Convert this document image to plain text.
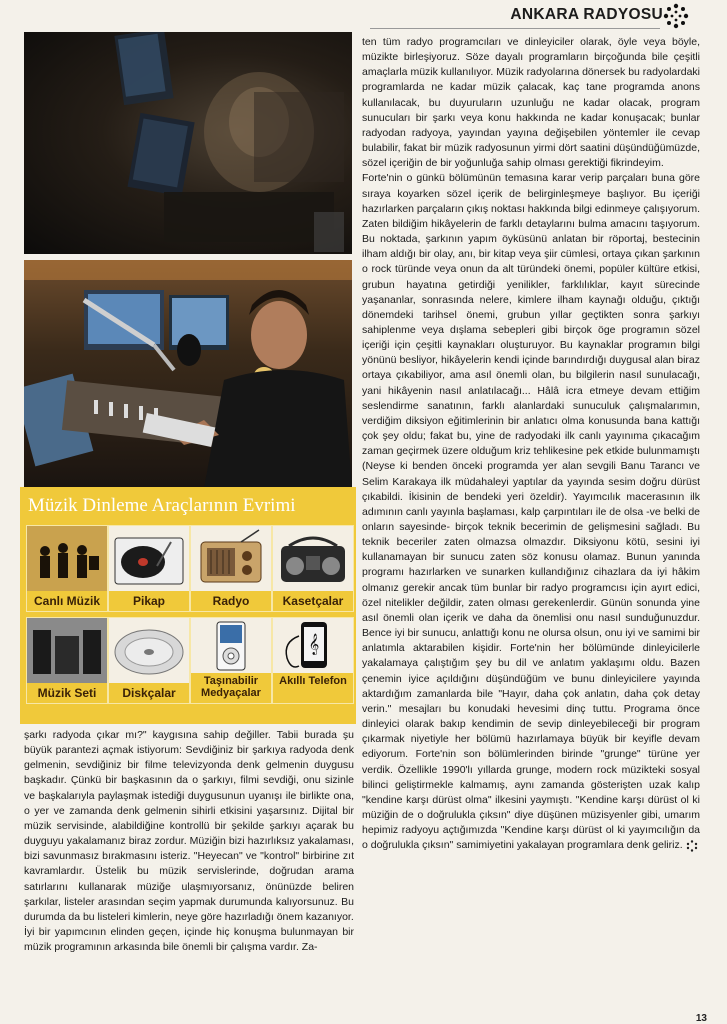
ANKARA RADYOSU
Müzik Dinleme Araçlarının Evrimi
Canlı Müzik	Pikap	Radyo	Kasetçalar
Müzik Seti	Diskçalar
Taşınabilir Medyaçalar
𝄞
Akıllı Telefon

ten tüm radyo programcıları ve dinleyiciler olarak, öyle veya böyle, müzikte birleşiyoruz. Söze dayalı programların birçoğunda bile çeşitli amaçlarla müzik kullanılıyor. Müzik radyolarına dönersek bu radyolardaki programlarda ne kadar müzik çalacak, kaç tane programda anons kullanılacak, bu duyuruların uzunluğu ne kadar olacak, program sunucuları bir şarkı veya konu hakkında ne kadar konuşacak; bunlar radyodan radyoya, yayından yayına değişebilen yöntemler ile cevap bulabilir, fakat bir müzik radyosunun yirmi dört saatini düşündüğümüzde, sözel içeriğin de bir yoğunluğa sahip olması gerektiği fikrindeyim.

Forte'nin o günkü bölümünün temasına karar verip parçaları buna göre sıraya koyarken sözel içerik de belirginleşmeye başlıyor. Bu içeriği hazırlarken parçaların çıkış noktası hakkında bilgi edinmeye çalışıyorum. Zaten bildiğim hikâyelerin de farklı detaylarını bulma amacını taşıyorum. Bu noktada, şarkının yapım öyküsünü anlatan bir röportaj, bestecinin ilham aldığı bir olay, anı, bir kitap veya şiir cümlesi, ortaya çıkan şarkının o rock türünde veya onun da alt türündeki önemi, popüler kültüre etkisi, grubun hayatına getirdiği yenilikler, farklılıklar, kayıt sürecinde yaşananlar, sonrasında nelere, kimlere ilham kaynağı olduğu, çıktığı dönemdeki tarihsel önemi, grubun yıllar geçtikten sonra şarkıyı sahiplenme veya dışlama sebepleri gibi birçok öge programın sözel içeriği için çeşitli kaynakları oluşturuyor. Bu kaynaklar programın bilgi yönünü besliyor, hikâyelerin kendi içinde barındırdığı duygusal alan biraz ortaya çıkabiliyor, ama asıl önemli olan, bu bilgilerin nasıl sunulacağı, yani hikâyenin nasıl anlatılacağı... Hâlâ icra etmeye devam ettiğim seslendirme sanatının, farklı alanlardaki sunuculuk çalışmalarımın, verdiğim diksiyon eğitimlerinin bir anlatıcı olma konusunda bana kattığı çok şey oldu; fakat bu, yine de radyodaki ilk canlı yayınıma çıkacağım zaman geçirmek üzere olduğum kriz tehlikesine pek etkide bulunmamıştı (Neyse ki benden önceki programda yer alan sevgili Banu Tarancı ve Selim Karakaya ilk müdahaleyi yaptılar da yayında sesim doğru dürüst çıkabildi. İkisinin de bendeki yeri özeldir). Yayımcılık macerasının ilk adımının canlı yayınla başlaması, kalp çarpıntıları ile de olsa -ve belki de onların sayesinde- birçok teknik becerimin de gelişmesini sağladı. Bu teknik beceriler zaten olmazsa olmazdır. Diksiyonu kötü, sesini iyi kullanamayan bir sunucu zaten söz konusu olamaz. Bunun yanında programı hazırlarken ve sunarken kullandığınız cihazlara da iyi hâkim olmanız gerekir ancak tüm bunlar bir radyo programcısı için ayırt edici, özel nitelikler değildir, zaten olması gerekenlerdir. Günün sonunda yine asıl önemli olan içerik ve daha da önemlisi onu nasıl sunduğunuzdur. Bence iyi bir sunucu, anlattığı konu ne olursa olsun, onu iyi ve samimi bir anlatımla aktarabilen kişidir. Forte'nin her bölümünde dinleyicilerle yakalamaya çalıştığım şey bu dil ve anlatım yaklaşımı oldu. Bazen çenemin iyice açıldığını düşündüğüm ve bunu dinleyicilere yayında aktardığım zamanlarda bile "Hayır, daha çok anlatın, daha çok detay verin." mesajları bu konudaki hevesimi dinç tuttu. Programa önce dinleyici olarak bakıp kendimin de sevip dinleyebileceği bir program çıkarmak niyetiyle her bölümü hazırlamaya büyük bir keyifle devam ediyorum. Forte'nin son bölümlerinden birinde "grunge" türüne yer verdik. Özellikle 1990'lı yıllarda grunge, modern rock müzikteki sosyal bilinci geliştirmekle kalmamış, aynı zamanda gösterişten uzak kalıp "kendine karşı dürüst olma" ilkesini yaymıştı. "Kendine karşı dürüst ol ki müziğin de o doğrulukla çıksın" diye düşünen müzisyenler gibi, umarım hepimiz radyoyu açtığımızda "Kendine karşı dürüst ol ki yayımcılığın da o doğrulukla çıksın" samimiyetini yakalayan programlara denk geliriz.

şarkı radyoda çıkar mı?" kaygısına sahip değiller. Tabii burada şu büyük parantezi açmak istiyorum: Sevdiğiniz bir şarkıya radyoda denk gelmenin, sevdiğiniz bir filme televizyonda denk gelmenin duygusu başkadır. Çünkü bir başkasının da o şarkıyı, filmi sevdiği, onu sizinle ve başkalarıyla paylaşmak istediği duygusunun uyanışı ile birlikte ona, o yer ve zamanda denk gelmenin sihirli etkisini yaşarsınız. Dijital bir müzik servisinde, alabildiğine kontrollü bir şekilde şarkıyı açarak bu duyguyu yakalamanız biraz zordur. Müziğin bizi hazırlıksız yakalaması, bizi savunmasız bırakmasını isteriz. "Heyecan" ve "kontrol" birbirine zıt kavramlardır. Üstelik bu müzik servislerinde, doğrudan arama satırlarını kullanarak müziğe ulaşmıyorsanız, önünüzde beliren şarkılar, listeler arasından seçim yapmak durumunda kalıyorsunuz. Bu durumda da bu listeleri kimlerin, neye göre hazırladığı önem kazanıyor.

İyi bir yapımcının elinden geçen, içinde hiç konuşma bulunmayan bir müzik programının arkasında bile önemli bir çalışma vardır. Za-

13
